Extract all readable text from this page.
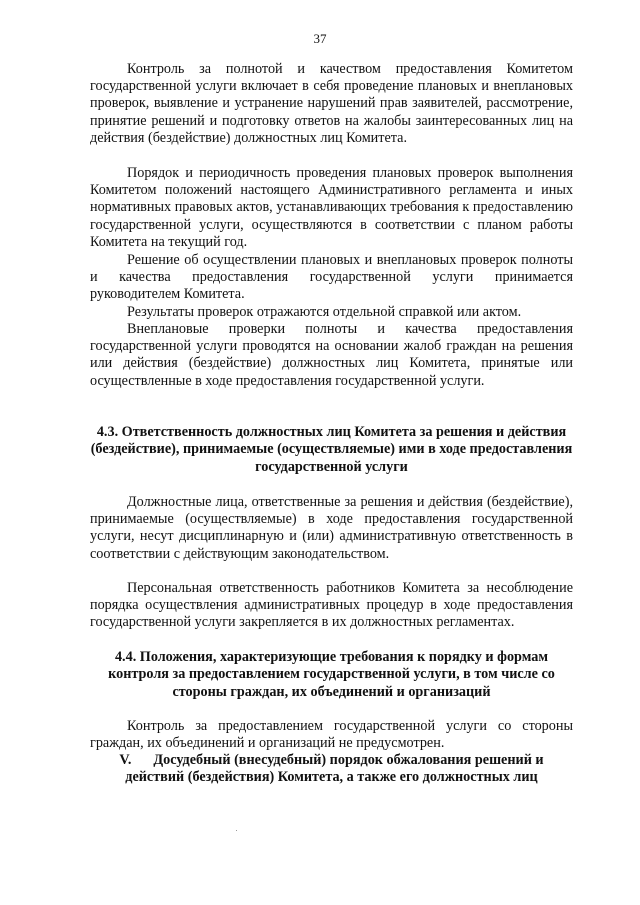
37
Контроль за полнотой и качеством предоставления Комитетом государственной услуги включает в себя проведение плановых и внеплановых проверок, выявление и устранение нарушений прав заявителей, рассмотрение, принятие решений и подготовку ответов на жалобы заинтересованных лиц на действия (бездействие) должностных лиц Комитета.
Порядок и периодичность проведения плановых проверок выполнения Комитетом положений настоящего Административного регламента и иных нормативных правовых актов, устанавливающих требования к предоставлению государственной услуги, осуществляются в соответствии с планом работы Комитета на текущий год.
Решение об осуществлении плановых и внеплановых проверок полноты и качества предоставления государственной услуги принимается руководителем Комитета.
Результаты проверок отражаются отдельной справкой или актом.
Внеплановые проверки полноты и качества предоставления государственной услуги проводятся на основании жалоб граждан на решения или действия (бездействие) должностных лиц Комитета, принятые или осуществленные в ходе предоставления государственной услуги.
4.3. Ответственность должностных лиц Комитета за решения и действия (бездействие), принимаемые (осуществляемые) ими в ходе предоставления государственной услуги
Должностные лица, ответственные за решения и действия (бездействие), принимаемые (осуществляемые) в ходе предоставления государственной услуги, несут дисциплинарную и (или) административную ответственность в соответствии с действующим законодательством.
Персональная ответственность работников Комитета за несоблюдение порядка осуществления административных процедур в ходе предоставления государственной услуги закрепляется в их должностных регламентах.
4.4. Положения, характеризующие требования к порядку и формам контроля за предоставлением государственной услуги, в том числе со стороны граждан, их объединений и организаций
Контроль за предоставлением государственной услуги со стороны граждан, их объединений и организаций не предусмотрен.
V. Досудебный (внесудебный) порядок обжалования решений и действий (бездействия) Комитета, а также его должностных лиц
